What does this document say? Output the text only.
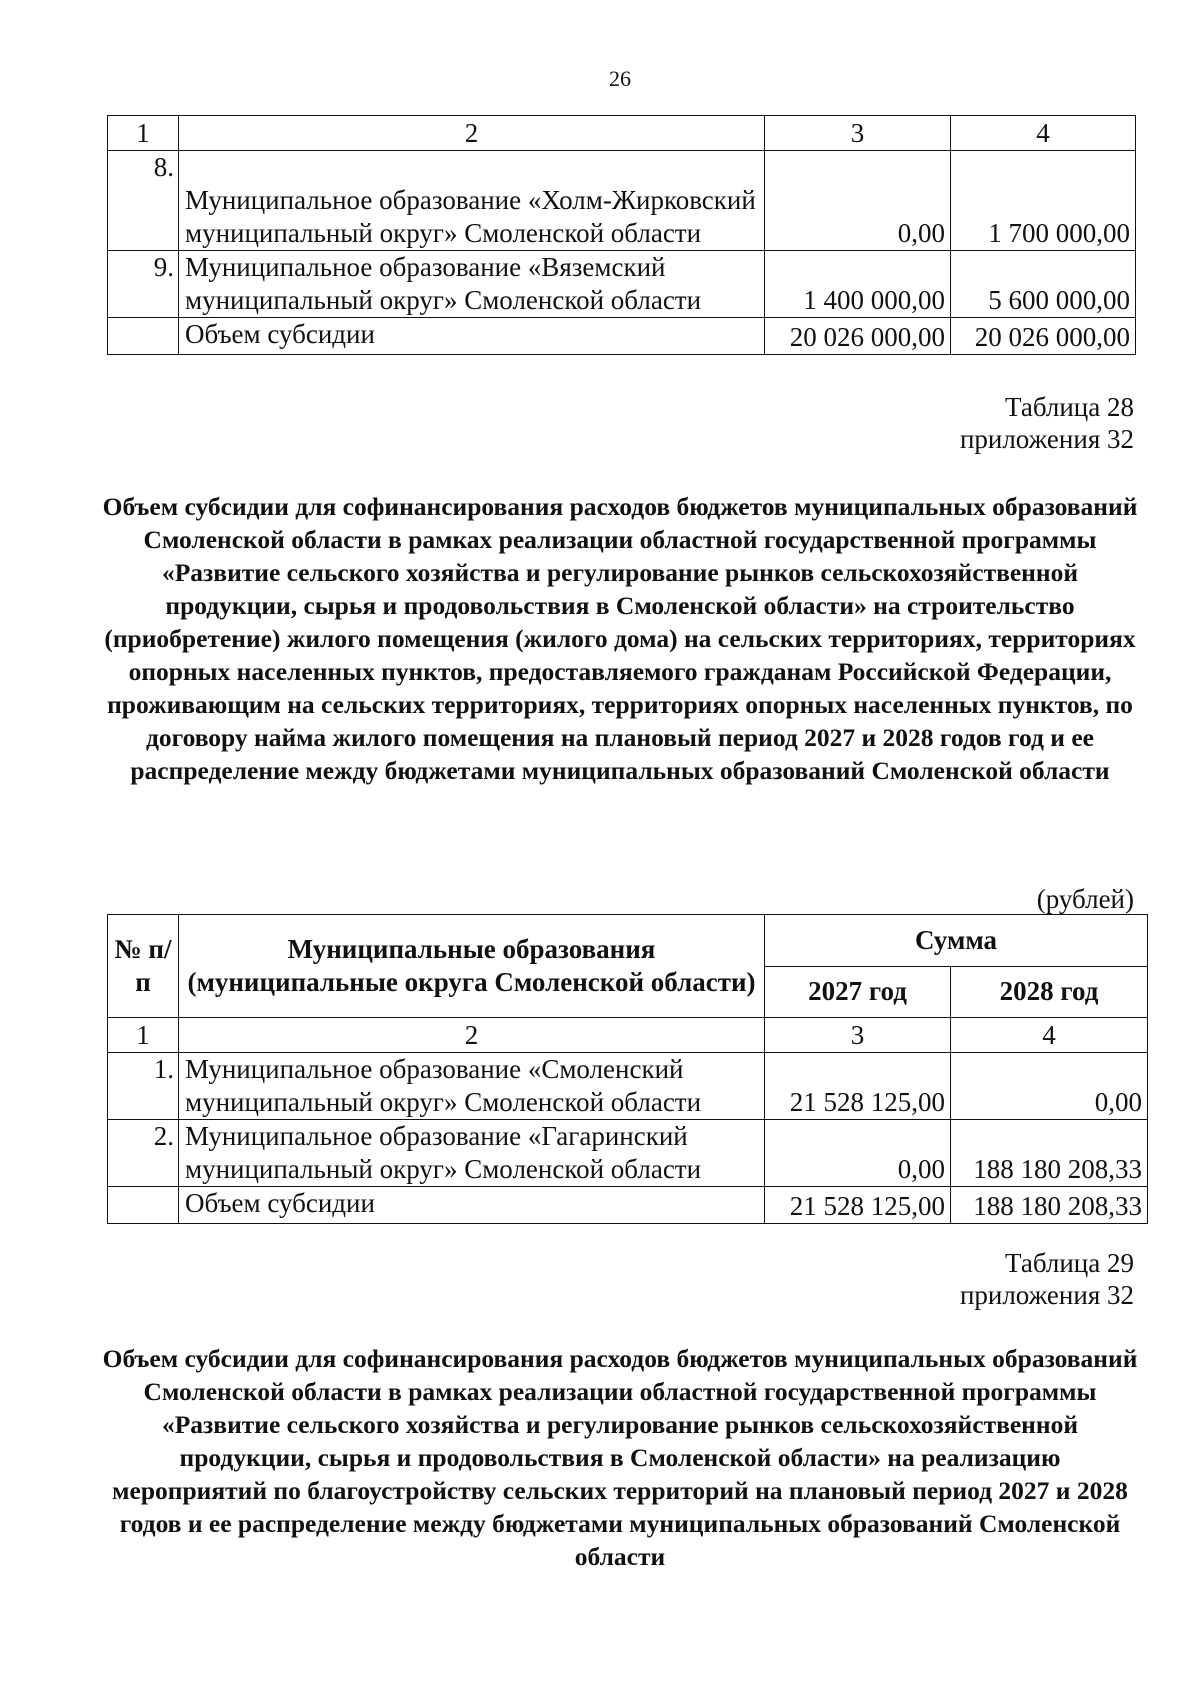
26
1	2	3	4
8.	Муниципальное образование «Холм-Жирковский муниципальный округ» Смоленской области	0,00	1 700 000,00
9.	Муниципальное образование «Вяземский муниципальный округ» Смоленской области	1 400 000,00	5 600 000,00
	Объем субсидии	20 026 000,00	20 026 000,00
Таблица 28
приложения 32
Объем субсидии для софинансирования расходов бюджетов муниципальных образований Смоленской области в рамках реализации областной государственной программы «Развитие сельского хозяйства и регулирование рынков сельскохозяйственной продукции, сырья и продовольствия в Смоленской области» на строительство (приобретение) жилого помещения (жилого дома) на сельских территориях, территориях опорных населенных пунктов, предоставляемого гражданам Российской Федерации, проживающим на сельских территориях, территориях опорных населенных пунктов, по договору найма жилого помещения на плановый период 2027 и 2028 годов год и ее распределение между бюджетами муниципальных образований Смоленской области
(рублей)
№ п/п	Муниципальные образования (муниципальные округа Смоленской области)	Сумма	
		2027 год	2028 год
1	2	3	4
1.	Муниципальное образование «Смоленский муниципальный округ» Смоленской области	21 528 125,00	0,00
2.	Муниципальное образование «Гагаринский муниципальный округ» Смоленской области	0,00	188 180 208,33
	Объем субсидии	21 528 125,00	188 180 208,33
Таблица 29
приложения 32
Объем субсидии для софинансирования расходов бюджетов муниципальных образований Смоленской области в рамках реализации областной государственной программы «Развитие сельского хозяйства и регулирование рынков сельскохозяйственной продукции, сырья и продовольствия в Смоленской области» на реализацию мероприятий по благоустройству сельских территорий на плановый период 2027 и 2028 годов и ее распределение между бюджетами муниципальных образований Смоленской области
